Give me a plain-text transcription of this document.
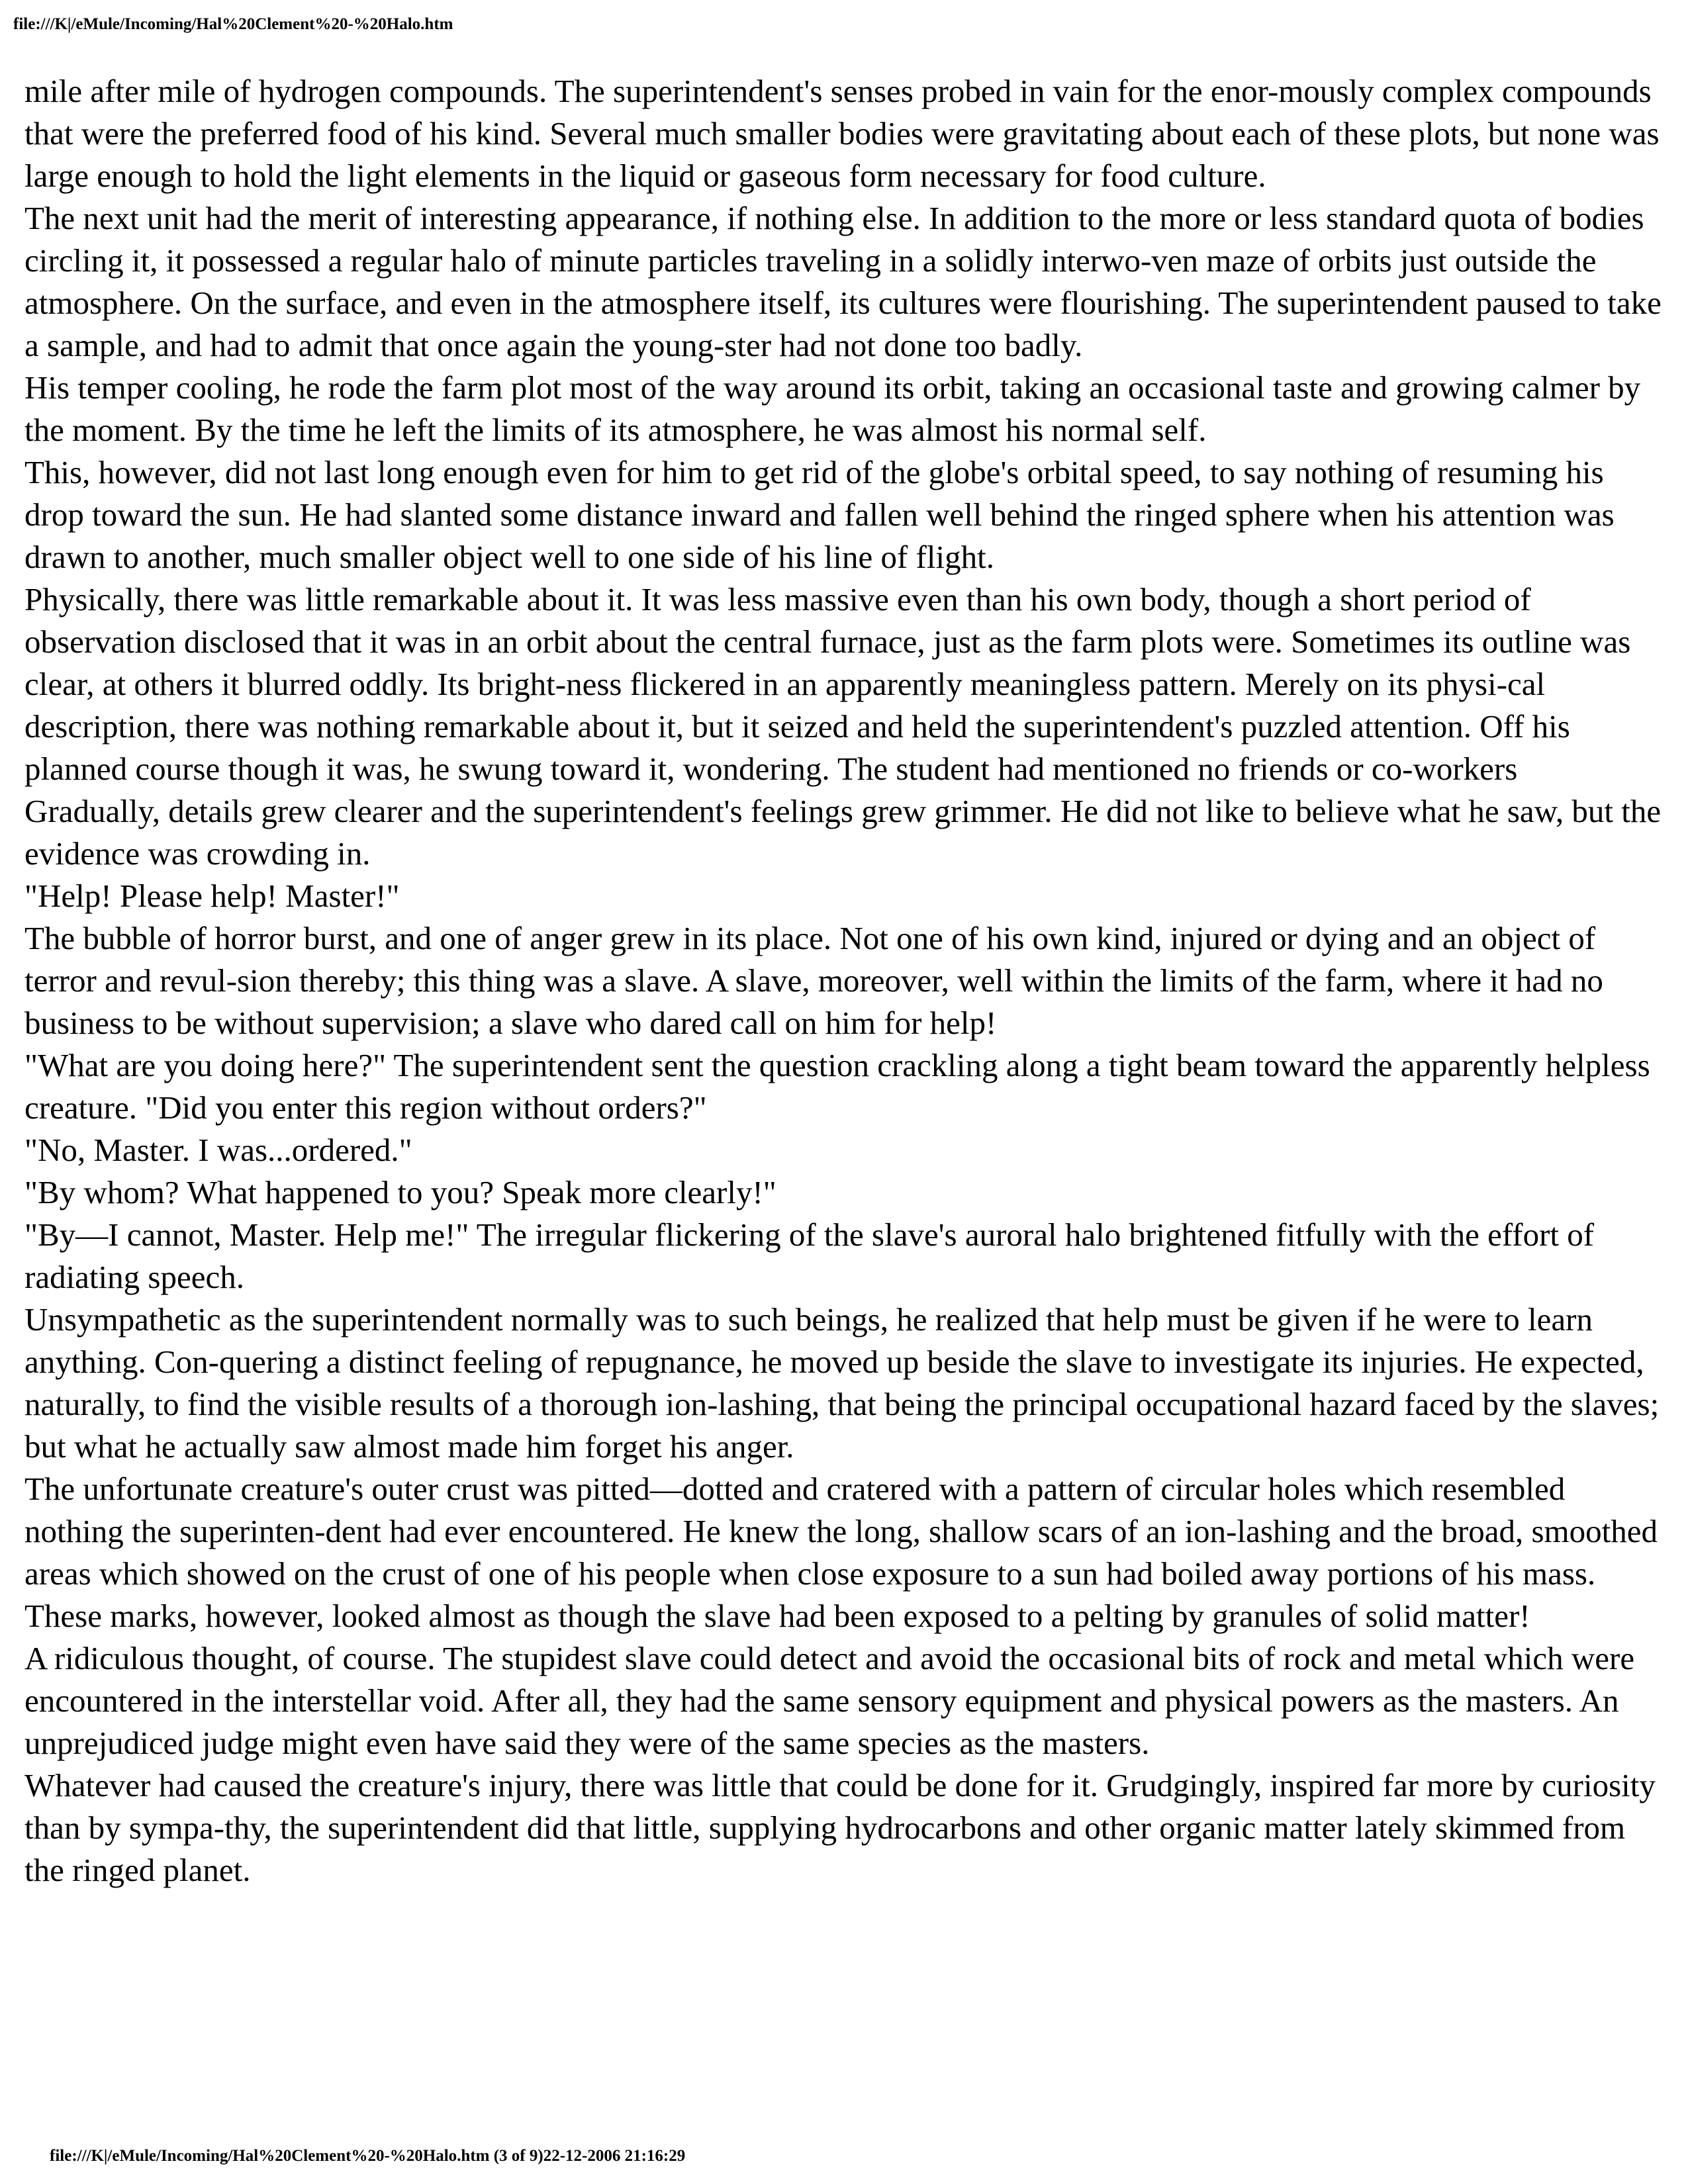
file:///K|/eMule/Incoming/Hal%20Clement%20-%20Halo.htm

mile after mile of hydrogen compounds. The superintendent's senses probed in vain for the enor-mously complex compounds that were the preferred food of his kind. Several much smaller bodies were gravitating about each of these plots, but none was large enough to hold the light elements in the liquid or gaseous form necessary for food culture.

The next unit had the merit of interesting appearance, if nothing else. In addition to the more or less standard quota of bodies circling it, it possessed a regular halo of minute particles traveling in a solidly interwo-ven maze of orbits just outside the atmosphere. On the surface, and even in the atmosphere itself, its cultures were flourishing. The superintendent paused to take a sample, and had to admit that once again the young-ster had not done too badly.

His temper cooling, he rode the farm plot most of the way around its orbit, taking an occasional taste and growing calmer by the moment. By the time he left the limits of its atmosphere, he was almost his normal self.

This, however, did not last long enough even for him to get rid of the globe's orbital speed, to say nothing of resuming his drop toward the sun. He had slanted some distance inward and fallen well behind the ringed sphere when his attention was drawn to another, much smaller object well to one side of his line of flight.

Physically, there was little remarkable about it. It was less massive even than his own body, though a short period of observation disclosed that it was in an orbit about the central furnace, just as the farm plots were. Sometimes its outline was clear, at others it blurred oddly. Its bright-ness flickered in an apparently meaningless pattern. Merely on its physi-cal description, there was nothing remarkable about it, but it seized and held the superintendent's puzzled attention. Off his planned course though it was, he swung toward it, wondering. The student had mentioned no friends or co-workers

Gradually, details grew clearer and the superintendent's feelings grew grimmer. He did not like to believe what he saw, but the evidence was crowding in.

"Help! Please help! Master!"

The bubble of horror burst, and one of anger grew in its place. Not one of his own kind, injured or dying and an object of terror and revul-sion thereby; this thing was a slave. A slave, moreover, well within the limits of the farm, where it had no business to be without supervision; a slave who dared call on him for help!

"What are you doing here?" The superintendent sent the question crackling along a tight beam toward the apparently helpless creature. "Did you enter this region without orders?"

"No, Master. I was...ordered."

"By whom? What happened to you? Speak more clearly!"

"By—I cannot, Master. Help me!" The irregular flickering of the slave's auroral halo brightened fitfully with the effort of radiating speech.

Unsympathetic as the superintendent normally was to such beings, he realized that help must be given if he were to learn anything. Con-quering a distinct feeling of repugnance, he moved up beside the slave to investigate its injuries. He expected, naturally, to find the visible results of a thorough ion-lashing, that being the principal occupational hazard faced by the slaves; but what he actually saw almost made him forget his anger.

The unfortunate creature's outer crust was pitted—dotted and cratered with a pattern of circular holes which resembled nothing the superinten-dent had ever encountered. He knew the long, shallow scars of an ion-lashing and the broad, smoothed areas which showed on the crust of one of his people when close exposure to a sun had boiled away portions of his mass. These marks, however, looked almost as though the slave had been exposed to a pelting by granules of solid matter!

A ridiculous thought, of course. The stupidest slave could detect and avoid the occasional bits of rock and metal which were encountered in the interstellar void. After all, they had the same sensory equipment and physical powers as the masters. An unprejudiced judge might even have said they were of the same species as the masters.

Whatever had caused the creature's injury, there was little that could be done for it. Grudgingly, inspired far more by curiosity than by sympa-thy, the superintendent did that little, supplying hydrocarbons and other organic matter lately skimmed from the ringed planet.

file:///K|/eMule/Incoming/Hal%20Clement%20-%20Halo.htm (3 of 9)22-12-2006 21:16:29
